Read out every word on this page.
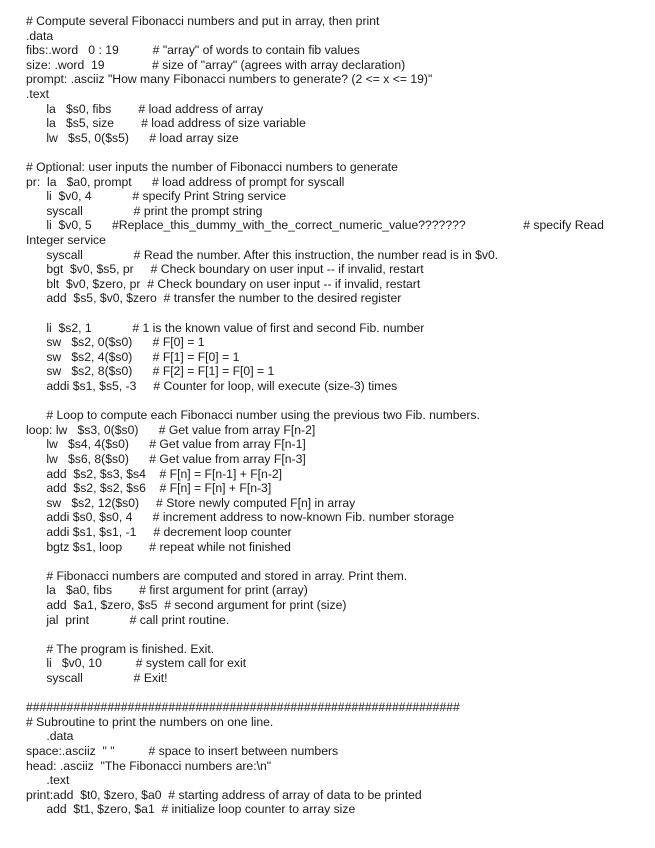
# Compute several Fibonacci numbers and put in array, then print
.data
fibs:.word   0 : 19          # "array" of words to contain fib values
size: .word  19              # size of "array" (agrees with array declaration)
prompt: .asciiz "How many Fibonacci numbers to generate? (2 <= x <= 19)"
.text
la   $s0, fibs        # load address of array
la   $s5, size        # load address of size variable
lw   $s5, 0($s5)      # load array size
# Optional: user inputs the number of Fibonacci numbers to generate
pr:  la   $a0, prompt      # load address of prompt for syscall
li  $v0, 4            # specify Print String service
syscall               # print the prompt string
li  $v0, 5      #Replace_this_dummy_with_the_correct_numeric_value???????                 # specify Read
Integer service
syscall               # Read the number. After this instruction, the number read is in $v0.
bgt  $v0, $s5, pr     # Check boundary on user input -- if invalid, restart
blt  $v0, $zero, pr  # Check boundary on user input -- if invalid, restart
add  $s5, $v0, $zero  # transfer the number to the desired register
li  $s2, 1            # 1 is the known value of first and second Fib. number
sw   $s2, 0($s0)      # F[0] = 1
sw   $s2, 4($s0)      # F[1] = F[0] = 1
sw   $s2, 8($s0)      # F[2] = F[1] = F[0] = 1
addi $s1, $s5, -3     # Counter for loop, will execute (size-3) times
# Loop to compute each Fibonacci number using the previous two Fib. numbers.
loop: lw   $s3, 0($s0)      # Get value from array F[n-2]
lw   $s4, 4($s0)      # Get value from array F[n-1]
lw   $s6, 8($s0)      # Get value from array F[n-3]
add  $s2, $s3, $s4    # F[n] = F[n-1] + F[n-2]
add  $s2, $s2, $s6    # F[n] = F[n] + F[n-3]
sw   $s2, 12($s0)     # Store newly computed F[n] in array
addi $s0, $s0, 4      # increment address to now-known Fib. number storage
addi $s1, $s1, -1     # decrement loop counter
bgtz $s1, loop        # repeat while not finished
# Fibonacci numbers are computed and stored in array. Print them.
la   $a0, fibs        # first argument for print (array)
add  $a1, $zero, $s5  # second argument for print (size)
jal  print            # call print routine.
# The program is finished. Exit.
li   $v0, 10          # system call for exit
syscall               # Exit!
################################################################
# Subroutine to print the numbers on one line.
.data
space:.asciiz  " "          # space to insert between numbers
head: .asciiz  "The Fibonacci numbers are:\n"
.text
print:add  $t0, $zero, $a0  # starting address of array of data to be printed
add  $t1, $zero, $a1  # initialize loop counter to array size
